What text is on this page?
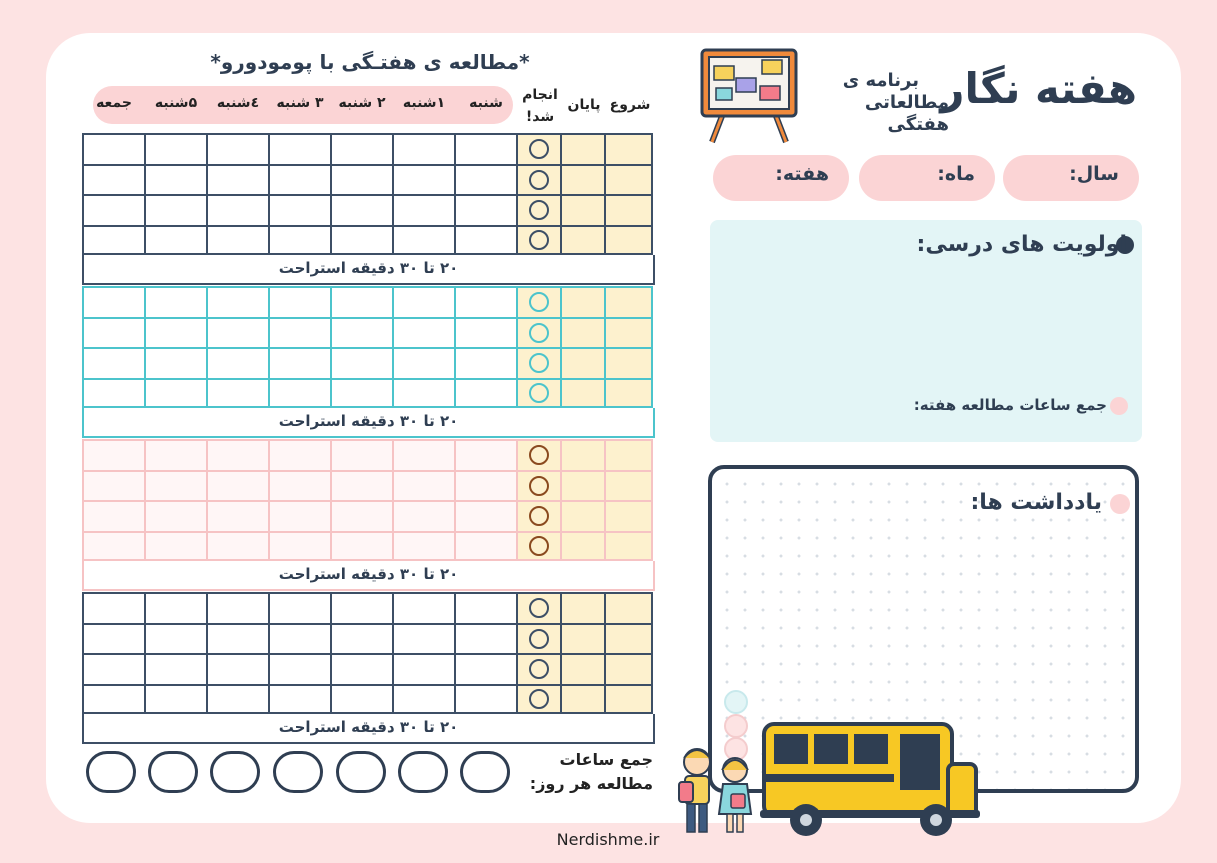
هفته نگار
برنامه ی
مطالعاتی هفتگی
سال:
ماه:
هفته:
اولویت های درسی:
جمع ساعات مطالعه هفته:
یادداشت ها:
*مطالعه ی هفتـگی با پومودورو*
شنبه
۱شنبه
۲ شنبه
۳ شنبه
٤شنبه
۵شنبه
جمعه	شروع
پایان
انجام
شد!
۲۰ تا ۳۰ دقیقه استراحت
۲۰ تا ۳۰ دقیقه استراحت
۲۰ تا ۳۰ دقیقه استراحت
۲۰ تا ۳۰ دقیقه استراحت
جمع ساعات
مطالعه هر روز:
Nerdishme.ir
